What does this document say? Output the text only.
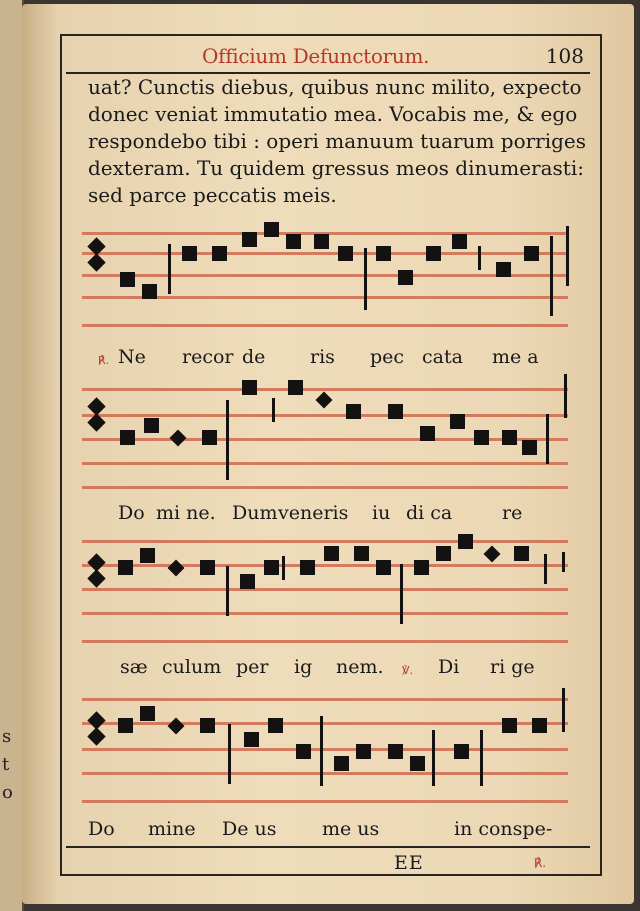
s
t
o
Officium Defunctorum.	108
uat? Cunctis diebus, quibus nunc milito, expecto
donec veniat immutatio mea. Vocabis me, & ego
respondebo tibi : operi manuum tuarum porriges
dexteram. Tu quidem gressus meos dinumerasti:
sed parce peccatis meis.
℟. Ne recor de ris pec cata me a
Do mi ne. Dum veneris iu di ca	re
sæ culum per ig nem. ℣. Di ri ge
Do mine De us me us	in conspe-
EE	℟.
